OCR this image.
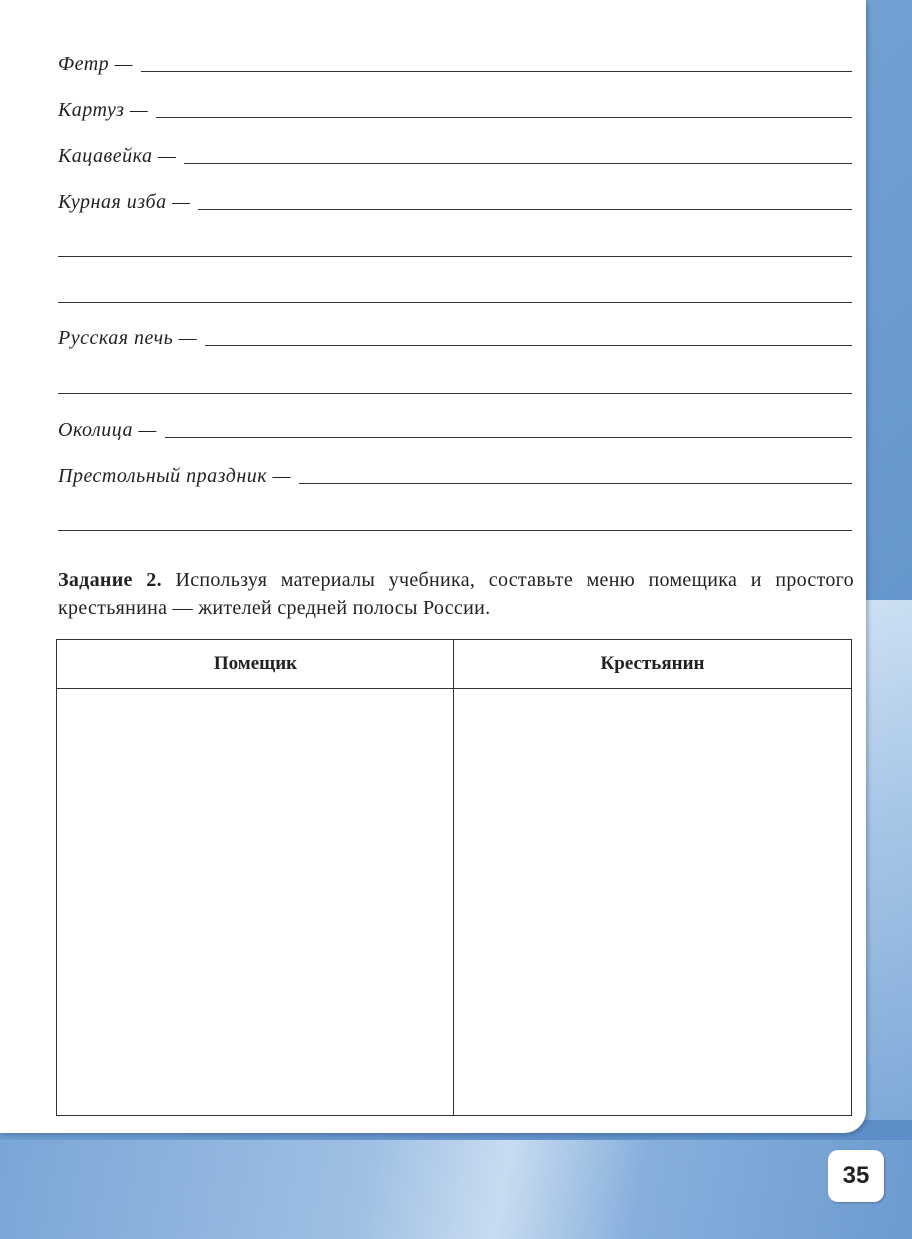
Фетр —
Картуз —
Кацавейка —
Курная изба —
Русская печь —
Околица —
Престольный праздник —
Задание 2. Используя материалы учебника, составьте меню помещика и простого крестьянина — жителей средней полосы России.
Помещик	Крестьянин
35
